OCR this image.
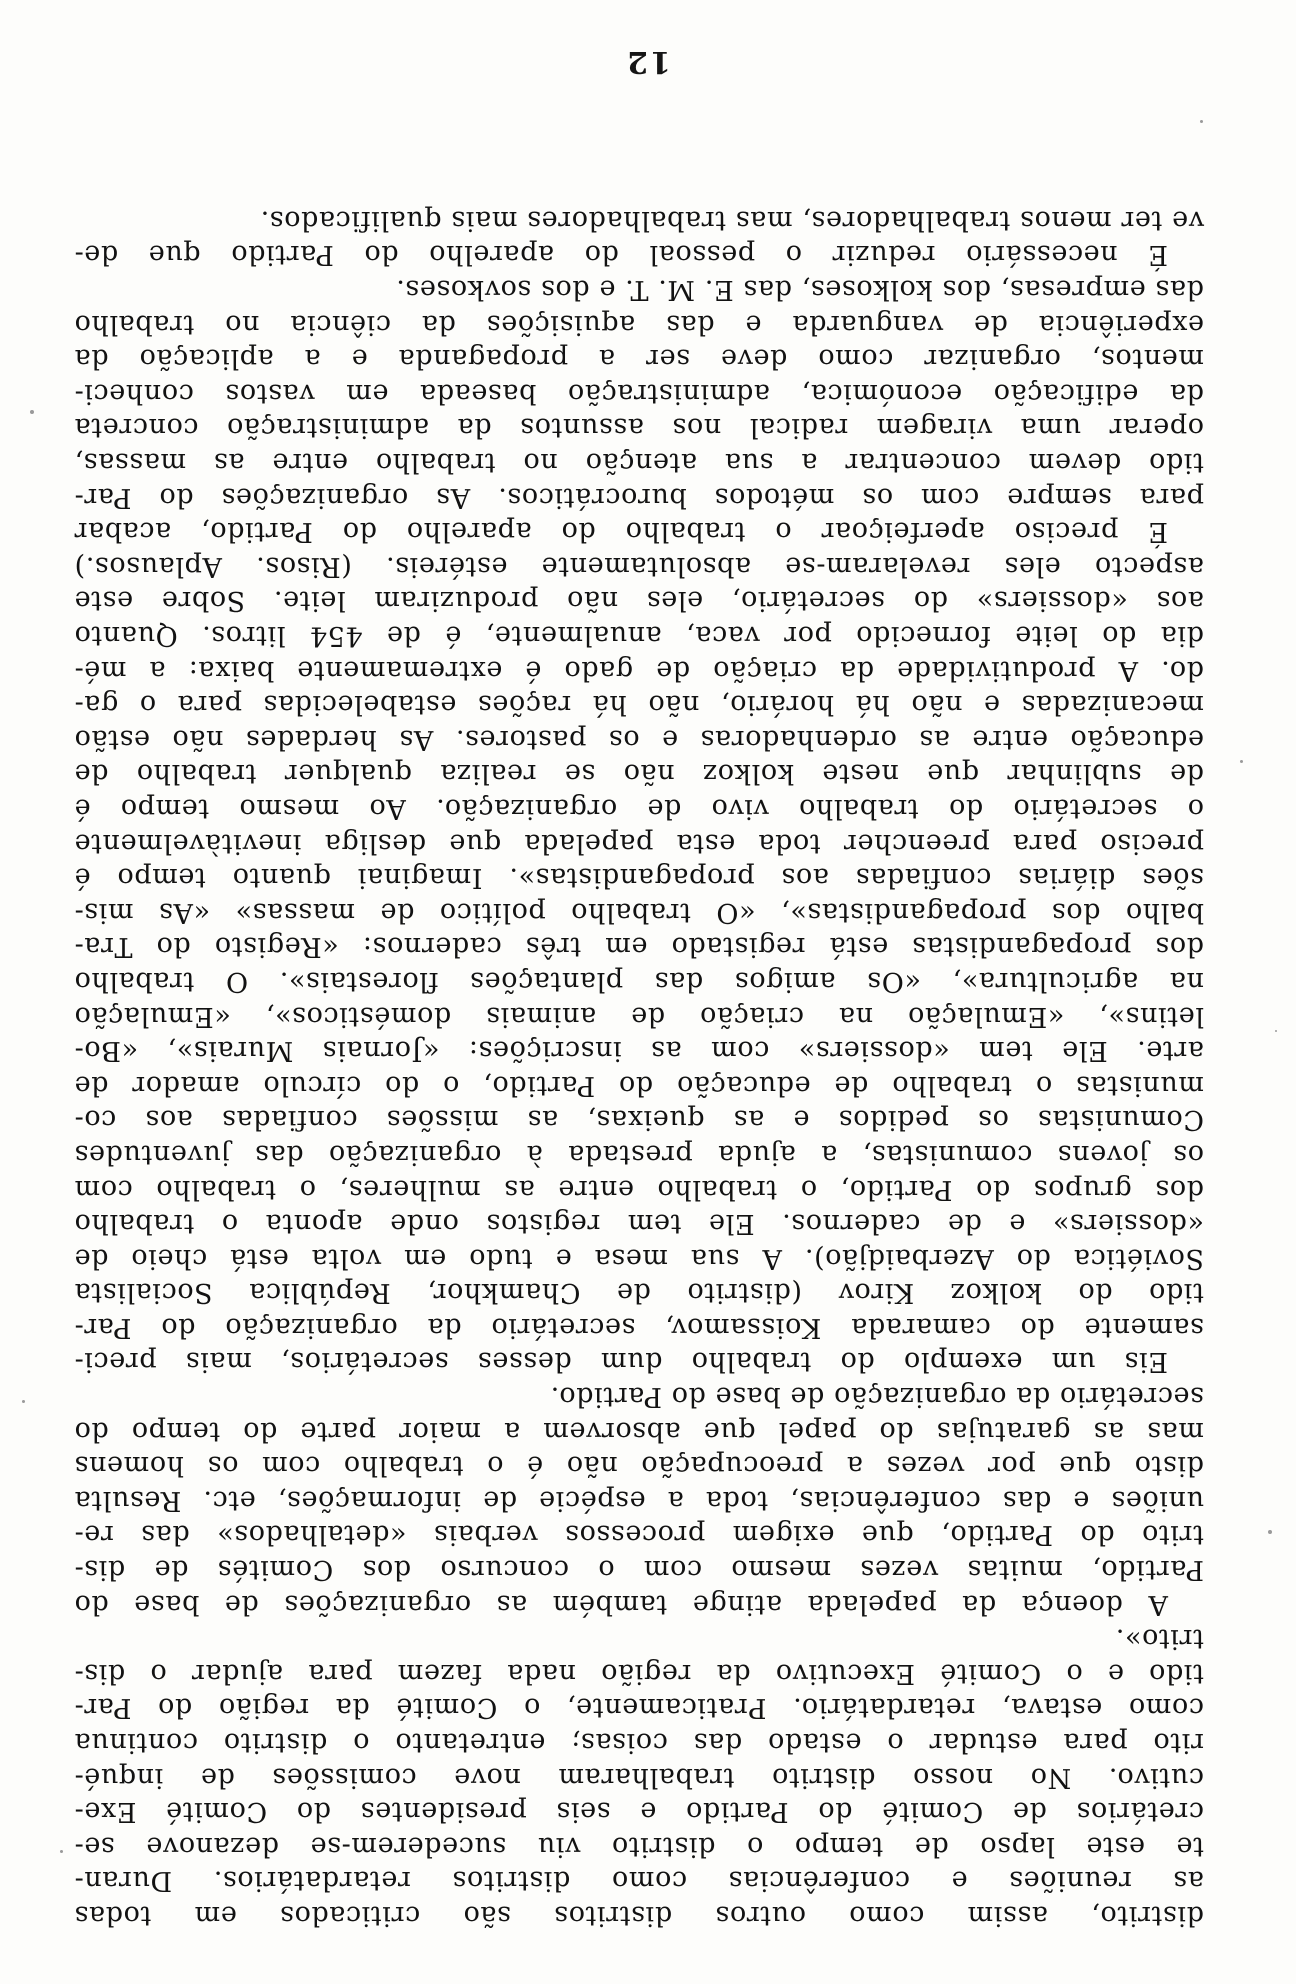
12
distrito, assim como outros distritos são criticados em todas
as reuniões e conferências como distritos retardatários. Duran-
te este lapso de tempo o distrito viu sucederem-se dezanove se-
cretários de Comité do Partido e seis presidentes do Comité Exe-
cutivo. No nosso distrito trabalharam nove comissões de inqué-
rito para estudar o estado das coisas; entretanto o distrito continua
como estava, retardatário. Praticamente, o Comité da região do Par-
tido e o Comité Executivo da região nada fazem para ajudar o dis-
trito».
A doença da papelada atinge também as organizações de base do
Partido, muitas vezes mesmo com o concurso dos Comités de dis-
trito do Partido, que exigem processos verbais «detalhados» das re-
uniões e das conferências, toda a espécie de informações, etc. Resulta
disto que por vezes a preocupação não é o trabalho com os homens
mas as garatujas do papel que absorvem a maior parte do tempo do
secretário da organização de base do Partido.
Eis um exemplo do trabalho dum desses secretários, mais preci-
samente do camarada Koissamov, secretário da organização do Par-
tido do kolkoz Kirov (distrito de Chamkhor, República Socialista
Soviética do Azerbaidjão). A sua mesa e tudo em volta está cheio de
«dossiers» e de cadernos. Ele tem registos onde aponta o trabalho
dos grupos do Partido, o trabalho entre as mulheres, o trabalho com
os jovens comunistas, a ajuda prestada à organização das juventudes
Comunistas os pedidos e as queixas, as missões confiadas aos co-
munistas o trabalho de educação do Partido, o do círculo amador de
arte. Ele tem «dossiers» com as inscrições: «Jornais Murais», «Bo-
letins», «Emulação na criação de animais domésticos», «Emulação
na agricultura», «Os amigos das plantações florestais». O trabalho
dos propagandistas está registado em três cadernos: «Registo do Tra-
balho dos propagandistas», «O trabalho político de massas» «As mis-
sões diárias confiadas aos propagandistas». Imaginai quanto tempo é
preciso para preencher toda esta papelada que desliga inevitàvelmente
o secretário do trabalho vivo de organização. Ao mesmo tempo é
de sublinhar que neste kolkoz não se realiza qualquer trabalho de
educação entre as ordenhadoras e os pastores. As herdades não estão
mecanizadas e não há horário, não há rações estabelecidas para o ga-
do. A produtividade da criação de gado é extremamente baixa: a mé-
dia do leite fornecido por vaca, anualmente, é de 454 litros. Quanto
aos «dossiers» do secretário, eles não produziram leite. Sobre este
aspecto eles revelaram-se absolutamente estéreis. (Risos. Aplausos.)
É preciso aperfeiçoar o trabalho do aparelho do Partido, acabar
para sempre com os métodos burocráticos. As organizações do Par-
tido devem concentrar a sua atenção no trabalho entre as massas,
operar uma viragem radical nos assuntos da administração concreta
da edificação económica, administração baseada em vastos conheci-
mentos, organizar como deve ser a propaganda e a aplicação da
experiência de vanguarda e das aquisições da ciência no trabalho
das empresas, dos kolkoses, das E. M. T. e dos sovkoses.
É necessário reduzir o pessoal do aparelho do Partido que de-
ve ter menos trabalhadores, mas trabalhadores mais qualificados.
